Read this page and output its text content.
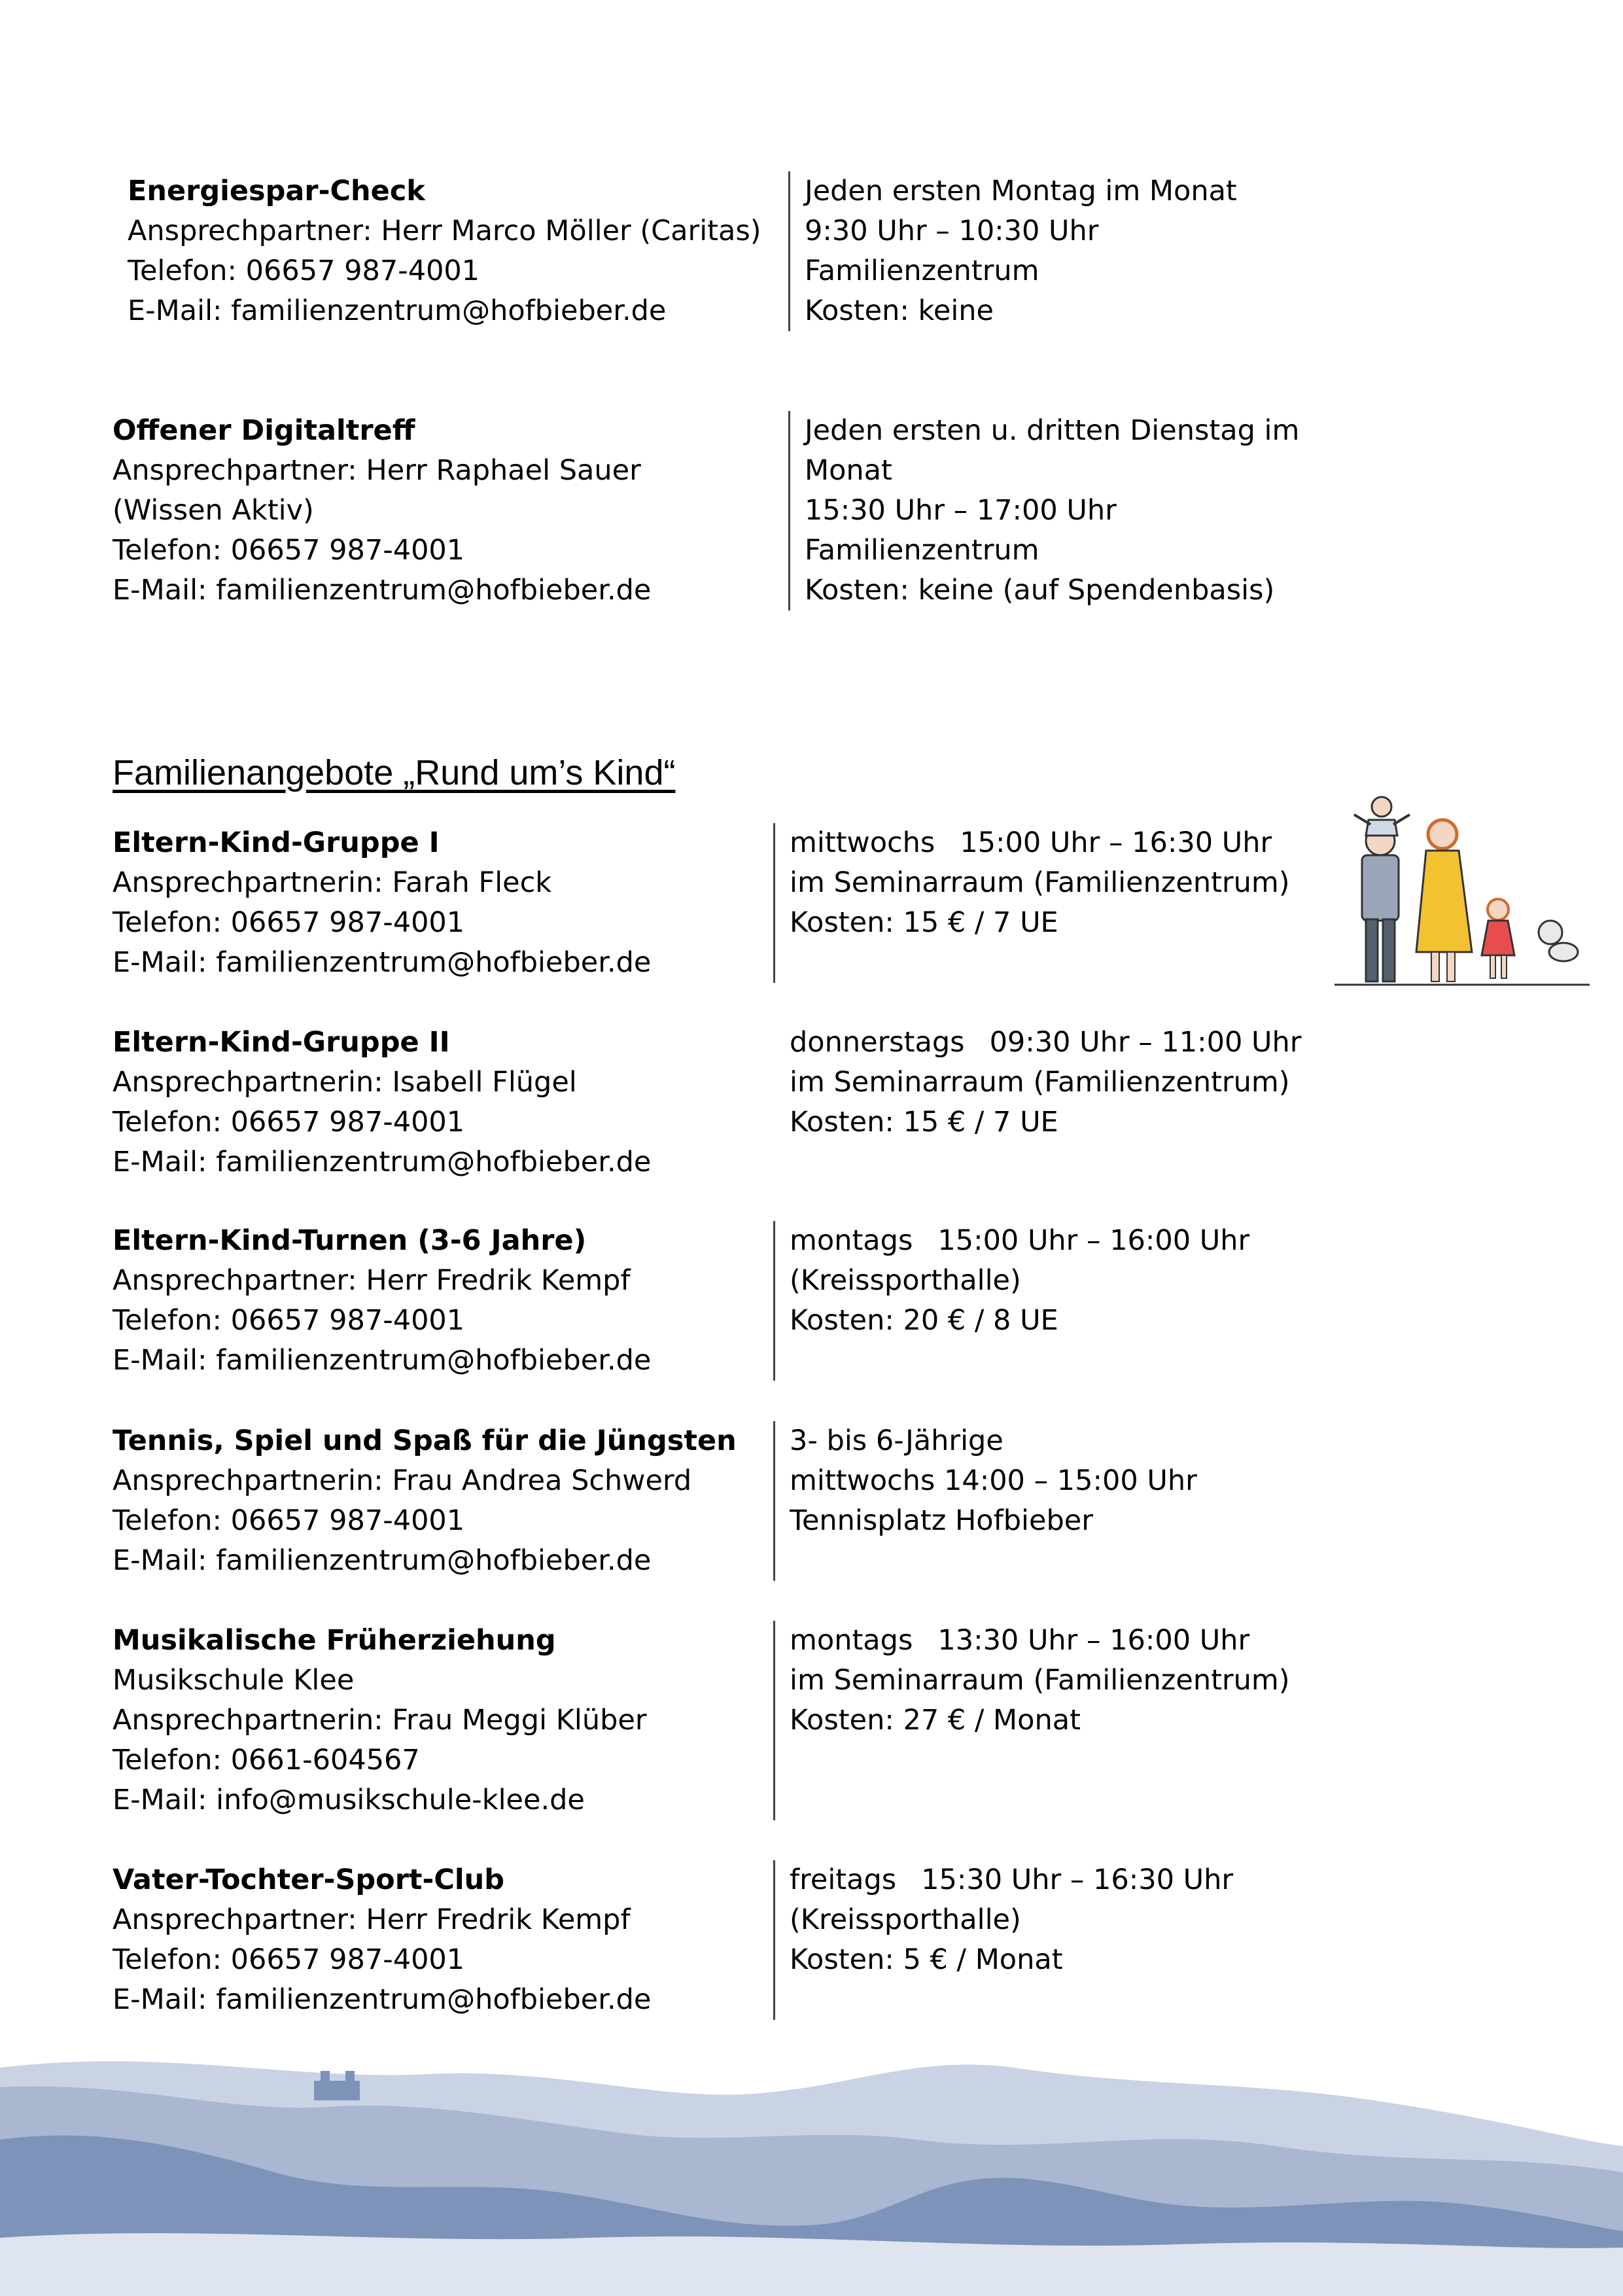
Energiespar-Check
Ansprechpartner: Herr Marco Möller (Caritas)
Telefon: 06657 987-4001
E-Mail: familienzentrum@hofbieber.de
Jeden ersten Montag im Monat
9:30 Uhr – 10:30 Uhr
Familienzentrum
Kosten: keine
Offener Digitaltreff
Ansprechpartner: Herr Raphael Sauer (Wissen Aktiv)
Telefon: 06657 987-4001
E-Mail: familienzentrum@hofbieber.de
Jeden ersten u. dritten Dienstag im Monat
15:30 Uhr – 17:00 Uhr
Familienzentrum
Kosten: keine (auf Spendenbasis)
Familienangebote „Rund um’s Kind“
Eltern-Kind-Gruppe I
Ansprechpartnerin: Farah Fleck
Telefon: 06657 987-4001
E-Mail: familienzentrum@hofbieber.de
mittwochs 15:00 Uhr – 16:30 Uhr
im Seminarraum (Familienzentrum)
Kosten: 15 € / 7 UE
Eltern-Kind-Gruppe II
Ansprechpartnerin: Isabell Flügel
Telefon: 06657 987-4001
E-Mail: familienzentrum@hofbieber.de
donnerstags 09:30 Uhr – 11:00 Uhr
im Seminarraum (Familienzentrum)
Kosten: 15 € / 7 UE
Eltern-Kind-Turnen (3-6 Jahre)
Ansprechpartner: Herr Fredrik Kempf
Telefon: 06657 987-4001
E-Mail: familienzentrum@hofbieber.de
montags 15:00 Uhr – 16:00 Uhr
(Kreissporthalle)
Kosten: 20 € / 8 UE
Tennis, Spiel und Spaß für die Jüngsten
Ansprechpartnerin: Frau Andrea Schwerd
Telefon: 06657 987-4001
E-Mail: familienzentrum@hofbieber.de
3- bis 6-Jährige
mittwochs 14:00 – 15:00 Uhr
Tennisplatz Hofbieber
Musikalische Früherziehung
Musikschule Klee
Ansprechpartnerin: Frau Meggi Klüber
Telefon: 0661-604567
E-Mail: info@musikschule-klee.de
montags 13:30 Uhr – 16:00 Uhr
im Seminarraum (Familienzentrum)
Kosten: 27 € / Monat
Vater-Tochter-Sport-Club
Ansprechpartner: Herr Fredrik Kempf
Telefon: 06657 987-4001
E-Mail: familienzentrum@hofbieber.de
freitags 15:30 Uhr – 16:30 Uhr
(Kreissporthalle)
Kosten: 5 € / Monat
